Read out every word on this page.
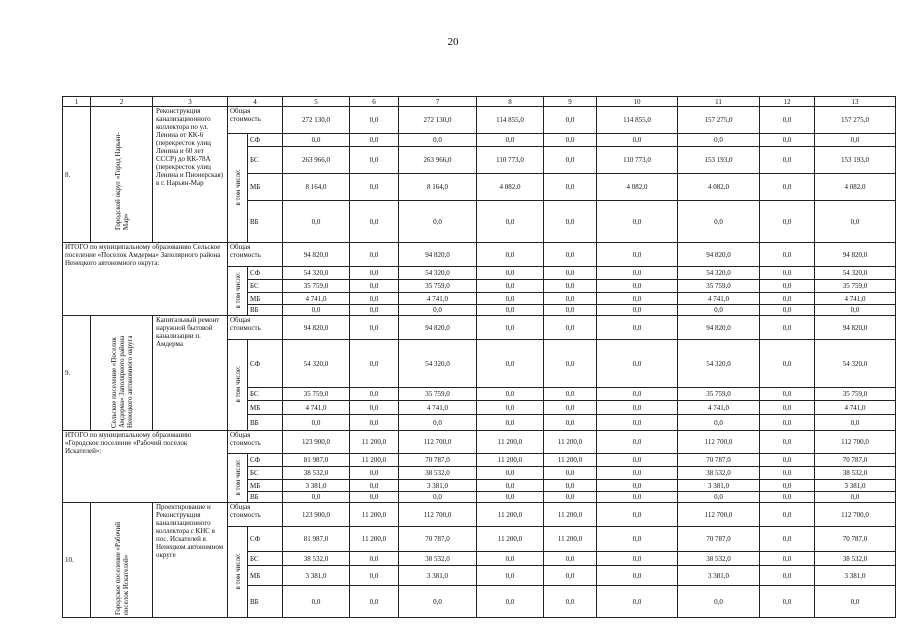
20
1	2	3	4		5	6	7	8	9	10	11	12	13
8.	Городской округ «Город Нарьян-Мар»	Реконструкция канализационного коллектора по ул. Ленина от КК-6 (перекресток улиц Ленина и 60 лет СССР) до КК-78А (перекресток улиц Ленина и Пионерская) в г. Нарьян-Мар	Общая стоимость		272 130,0	0,0	272 130,0	114 855,0	0,0	114 855,0	157 275,0	0,0	157 275,0
			в том числе:	СФ	0,0	0,0	0,0	0,0	0,0	0,0	0,0	0,0	0,0
				БС	263 966,0	0,0	263 966,0	110 773,0	0,0	110 773,0	153 193,0	0,0	153 193,0
				МБ	8 164,0	0,0	8 164,0	4 082,0	0,0	4 082,0	4 082,0	0,0	4 082,0
				ВБ	0,0	0,0	0,0	0,0	0,0	0,0	0,0	0,0	0,0
ИТОГО по муниципальному образованию Сельское поселение «Поселок Амдерма» Заполярного района Ненецкого автономного округа:			Общая стоимость		94 820,0	0,0	94 820,0	0,0	0,0	0,0	94 820,0	0,0	94 820,0
			в том числе:	СФ	54 320,0	0,0	54 320,0	0,0	0,0	0,0	54 320,0	0,0	54 320,0
				БС	35 759,0	0,0	35 759,0	0,0	0,0	0,0	35 759,0	0,0	35 759,0
				МБ	4 741,0	0,0	4 741,0	0,0	0,0	0,0	4 741,0	0,0	4 741,0
				ВБ	0,0	0,0	0,0	0,0	0,0	0,0	0,0	0,0	0,0
9.	Сельское поселение «Поселок Амдерма» Заполярного района Ненецкого автономного округа	Капитальный ремонт наружной бытовой канализации п. Амдерма	Общая стоимость		94 820,0	0,0	94 820,0	0,0	0,0	0,0	94 820,0	0,0	94 820,0
			в том числе:	СФ	54 320,0	0,0	54 320,0	0,0	0,0	0,0	54 320,0	0,0	54 320,0
				БС	35 759,0	0,0	35 759,0	0,0	0,0	0,0	35 759,0	0,0	35 759,0
				МБ	4 741,0	0,0	4 741,0	0,0	0,0	0,0	4 741,0	0,0	4 741,0
				ВБ	0,0	0,0	0,0	0,0	0,0	0,0	0,0	0,0	0,0
ИТОГО по муниципальному образованию «Городское поселение «Рабочий поселок Искателей»:			Общая стоимость		123 900,0	11 200,0	112 700,0	11 200,0	11 200,0	0,0	112 700,0	0,0	112 700,0
			в том числе:	СФ	81 987,0	11 200,0	70 787,0	11 200,0	11 200,0	0,0	70 787,0	0,0	70 787,0
				БС	38 532,0	0,0	38 532,0	0,0	0,0	0,0	38 532,0	0,0	38 532,0
				МБ	3 381,0	0,0	3 381,0	0,0	0,0	0,0	3 381,0	0,0	3 381,0
				ВБ	0,0	0,0	0,0	0,0	0,0	0,0	0,0	0,0	0,0
10.	Городское поселение «Рабочий поселок Искателей»	Проектирование и Реконструкция канализационного коллектора с КНС в пос. Искателей в Ненецком автономном округе	Общая стоимость		123 900,0	11 200,0	112 700,0	11 200,0	11 200,0	0,0	112 700,0	0,0	112 700,0
			в том числе:	СФ	81 987,0	11 200,0	70 787,0	11 200,0	11 200,0	0,0	70 787,0	0,0	70 787,0
				БС	38 532,0	0,0	38 532,0	0,0	0,0	0,0	38 532,0	0,0	38 532,0
				МБ	3 381,0	0,0	3 381,0	0,0	0,0	0,0	3 381,0	0,0	3 381,0
				ВБ	0,0	0,0	0,0	0,0	0,0	0,0	0,0	0,0	0,0
